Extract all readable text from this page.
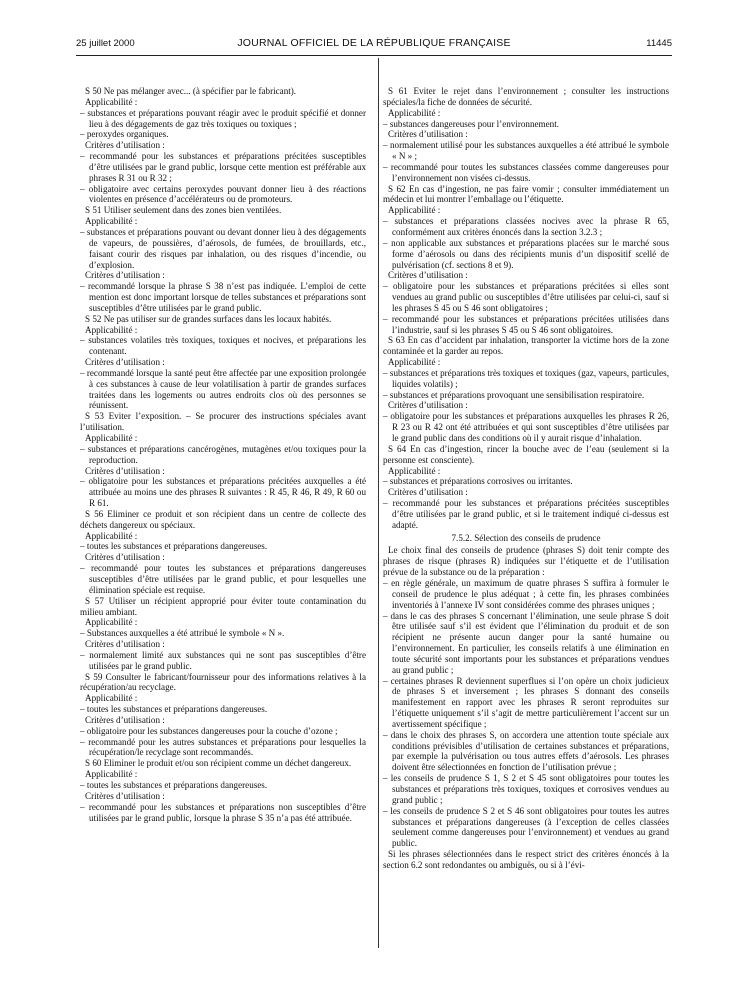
25 juillet 2000	JOURNAL OFFICIEL DE LA RÉPUBLIQUE FRANÇAISE	11445

S 50 Ne pas mélanger avec... (à spécifier par le fabricant).

Applicabilité :

– substances et préparations pouvant réagir avec le produit spécifié et donner lieu à des dégagements de gaz très toxiques ou toxiques ;

– peroxydes organiques.

Critères d’utilisation :

– recommandé pour les substances et préparations précitées susceptibles d’être utilisées par le grand public, lorsque cette mention est préférable aux phrases R 31 ou R 32 ;

– obligatoire avec certains peroxydes pouvant donner lieu à des réactions violentes en présence d’accélérateurs ou de promoteurs.

S 51 Utiliser seulement dans des zones bien ventilées.

Applicabilité :

– substances et préparations pouvant ou devant donner lieu à des dégagements de vapeurs, de poussières, d’aérosols, de fumées, de brouillards, etc., faisant courir des risques par inhalation, ou des risques d’incendie, ou d’explosion.

Critères d’utilisation :

– recommandé lorsque la phrase S 38 n’est pas indiquée. L’emploi de cette mention est donc important lorsque de telles substances et préparations sont susceptibles d’être utilisées par le grand public.

S 52 Ne pas utiliser sur de grandes surfaces dans les locaux habités.

Applicabilité :

– substances volatiles très toxiques, toxiques et nocives, et préparations les contenant.

Critères d’utilisation :

– recommandé lorsque la santé peut être affectée par une exposition prolongée à ces substances à cause de leur volatilisation à partir de grandes surfaces traitées dans les logements ou autres endroits clos où des personnes se réunissent.

S 53 Eviter l’exposition. – Se procurer des instructions spéciales avant l’utilisation.

Applicabilité :

– substances et préparations cancérogènes, mutagènes et/ou toxiques pour la reproduction.

Critères d’utilisation :

– obligatoire pour les substances et préparations précitées auxquelles a été attribuée au moins une des phrases R suivantes : R 45, R 46, R 49, R 60 ou R 61.

S 56 Eliminer ce produit et son récipient dans un centre de collecte des déchets dangereux ou spéciaux.

Applicabilité :

– toutes les substances et préparations dangereuses.

Critères d’utilisation :

– recommandé pour toutes les substances et préparations dangereuses susceptibles d’être utilisées par le grand public, et pour lesquelles une élimination spéciale est requise.

S 57 Utiliser un récipient approprié pour éviter toute contamination du milieu ambiant.

Applicabilité :

– Substances auxquelles a été attribué le symbole « N ».

Critères d’utilisation :

– normalement limité aux substances qui ne sont pas susceptibles d’être utilisées par le grand public.

S 59 Consulter le fabricant/fournisseur pour des informations relatives à la récupération/au recyclage.

Applicabilité :

– toutes les substances et préparations dangereuses.

Critères d’utilisation :

– obligatoire pour les substances dangereuses pour la couche d’ozone ;

– recommandé pour les autres substances et préparations pour lesquelles la récupération/le recyclage sont recommandés.

S 60 Eliminer le produit et/ou son récipient comme un déchet dangereux.

Applicabilité :

– toutes les substances et préparations dangereuses.

Critères d’utilisation :

– recommandé pour les substances et préparations non susceptibles d’être utilisées par le grand public, lorsque la phrase S 35 n’a pas été attribuée.

S 61 Eviter le rejet dans l’environnement ; consulter les instructions spéciales/la fiche de données de sécurité.

Applicabilité :

– substances dangereuses pour l’environnement.

Critères d’utilisation :

– normalement utilisé pour les substances auxquelles a été attribué le symbole « N » ;

– recommandé pour toutes les substances classées comme dangereuses pour l’environnement non visées ci-dessus.

S 62 En cas d’ingestion, ne pas faire vomir ; consulter immédiatement un médecin et lui montrer l’emballage ou l’étiquette.

Applicabilité :

– substances et préparations classées nocives avec la phrase R 65, conformément aux critères énoncés dans la section 3.2.3 ;

– non applicable aux substances et préparations placées sur le marché sous forme d’aérosols ou dans des récipients munis d’un dispositif scellé de pulvérisation (cf. sections 8 et 9).

Critères d’utilisation :

– obligatoire pour les substances et préparations précitées si elles sont vendues au grand public ou susceptibles d’être utilisées par celui-ci, sauf si les phrases S 45 ou S 46 sont obligatoires ;

– recommandé pour les substances et préparations précitées utilisées dans l’industrie, sauf si les phrases S 45 ou S 46 sont obligatoires.

S 63 En cas d’accident par inhalation, transporter la victime hors de la zone contaminée et la garder au repos.

Applicabilité :

– substances et préparations très toxiques et toxiques (gaz, vapeurs, particules, liquides volatils) ;

– substances et préparations provoquant une sensibilisation respiratoire.

Critères d’utilisation :

– obligatoire pour les substances et préparations auxquelles les phrases R 26, R 23 ou R 42 ont été attribuées et qui sont susceptibles d’être utilisées par le grand public dans des conditions où il y aurait risque d’inhalation.

S 64 En cas d’ingestion, rincer la bouche avec de l’eau (seulement si la personne est consciente).

Applicabilité :

– substances et préparations corrosives ou irritantes.

Critères d’utilisation :

– recommandé pour les substances et préparations précitées susceptibles d’être utilisées par le grand public, et si le traitement indiqué ci-dessus est adapté.

7.5.2. Sélection des conseils de prudence

Le choix final des conseils de prudence (phrases S) doit tenir compte des phrases de risque (phrases R) indiquées sur l’étiquette et de l’utilisation prévue de la substance ou de la préparation :

– en règle générale, un maximum de quatre phrases S suffira à formuler le conseil de prudence le plus adéquat ; à cette fin, les phrases combinées inventoriés à l’annexe IV sont considérées comme des phrases uniques ;

– dans le cas des phrases S concernant l’élimination, une seule phrase S doit être utilisée sauf s’il est évident que l’élimination du produit et de son récipient ne présente aucun danger pour la santé humaine ou l’environnement. En particulier, les conseils relatifs à une élimination en toute sécurité sont importants pour les substances et préparations vendues au grand public ;

– certaines phrases R deviennent superflues si l’on opère un choix judicieux de phrases S et inversement ; les phrases S donnant des conseils manifestement en rapport avec les phrases R seront reproduites sur l’étiquette uniquement s’il s’agit de mettre particulièrement l’accent sur un avertissement spécifique ;

– dans le choix des phrases S, on accordera une attention toute spéciale aux conditions prévisibles d’utilisation de certaines substances et préparations, par exemple la pulvérisation ou tous autres effets d’aérosols. Les phrases doivent être sélectionnées en fonction de l’utilisation prévue ;

– les conseils de prudence S 1, S 2 et S 45 sont obligatoires pour toutes les substances et préparations très toxiques, toxiques et corrosives vendues au grand public ;

– les conseils de prudence S 2 et S 46 sont obligatoires pour toutes les autres substances et préparations dangereuses (à l’exception de celles classées seulement comme dangereuses pour l’environnement) et vendues au grand public.

Si les phrases sélectionnées dans le respect strict des critères énoncés à la section 6.2 sont redondantes ou ambiguës, ou si à l’évi-
